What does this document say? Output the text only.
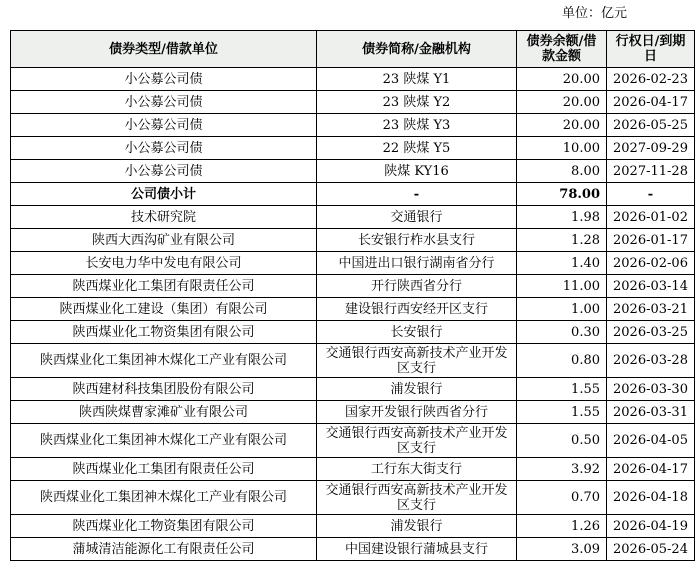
单位：亿元
债券类型/借款单位	债券简称/金融机构	债券余额/借款金额	行权日/到期日
小公募公司债	23 陕煤 Y1	20.00	2026-02-23
小公募公司债	23 陕煤 Y2	20.00	2026-04-17
小公募公司债	23 陕煤 Y3	20.00	2026-05-25
小公募公司债	22 陕煤 Y5	10.00	2027-09-29
小公募公司债	陕煤 KY16	8.00	2027-11-28
公司债小计	-	78.00	-
技术研究院	交通银行	1.98	2026-01-02
陕西大西沟矿业有限公司	长安银行柞水县支行	1.28	2026-01-17
长安电力华中发电有限公司	中国进出口银行湖南省分行	1.40	2026-02-06
陕西煤业化工集团有限责任公司	开行陕西省分行	11.00	2026-03-14
陕西煤业化工建设（集团）有限公司	建设银行西安经开区支行	1.00	2026-03-21
陕西煤业化工物资集团有限公司	长安银行	0.30	2026-03-25
陕西煤业化工集团神木煤化工产业有限公司	交通银行西安高新技术产业开发区支行	0.80	2026-03-28
陕西建材科技集团股份有限公司	浦发银行	1.55	2026-03-30
陕西陕煤曹家滩矿业有限公司	国家开发银行陕西省分行	1.55	2026-03-31
陕西煤业化工集团神木煤化工产业有限公司	交通银行西安高新技术产业开发区支行	0.50	2026-04-05
陕西煤业化工集团有限责任公司	工行东大街支行	3.92	2026-04-17
陕西煤业化工集团神木煤化工产业有限公司	交通银行西安高新技术产业开发区支行	0.70	2026-04-18
陕西煤业化工物资集团有限公司	浦发银行	1.26	2026-04-19
蒲城清洁能源化工有限责任公司	中国建设银行蒲城县支行	3.09	2026-05-24
